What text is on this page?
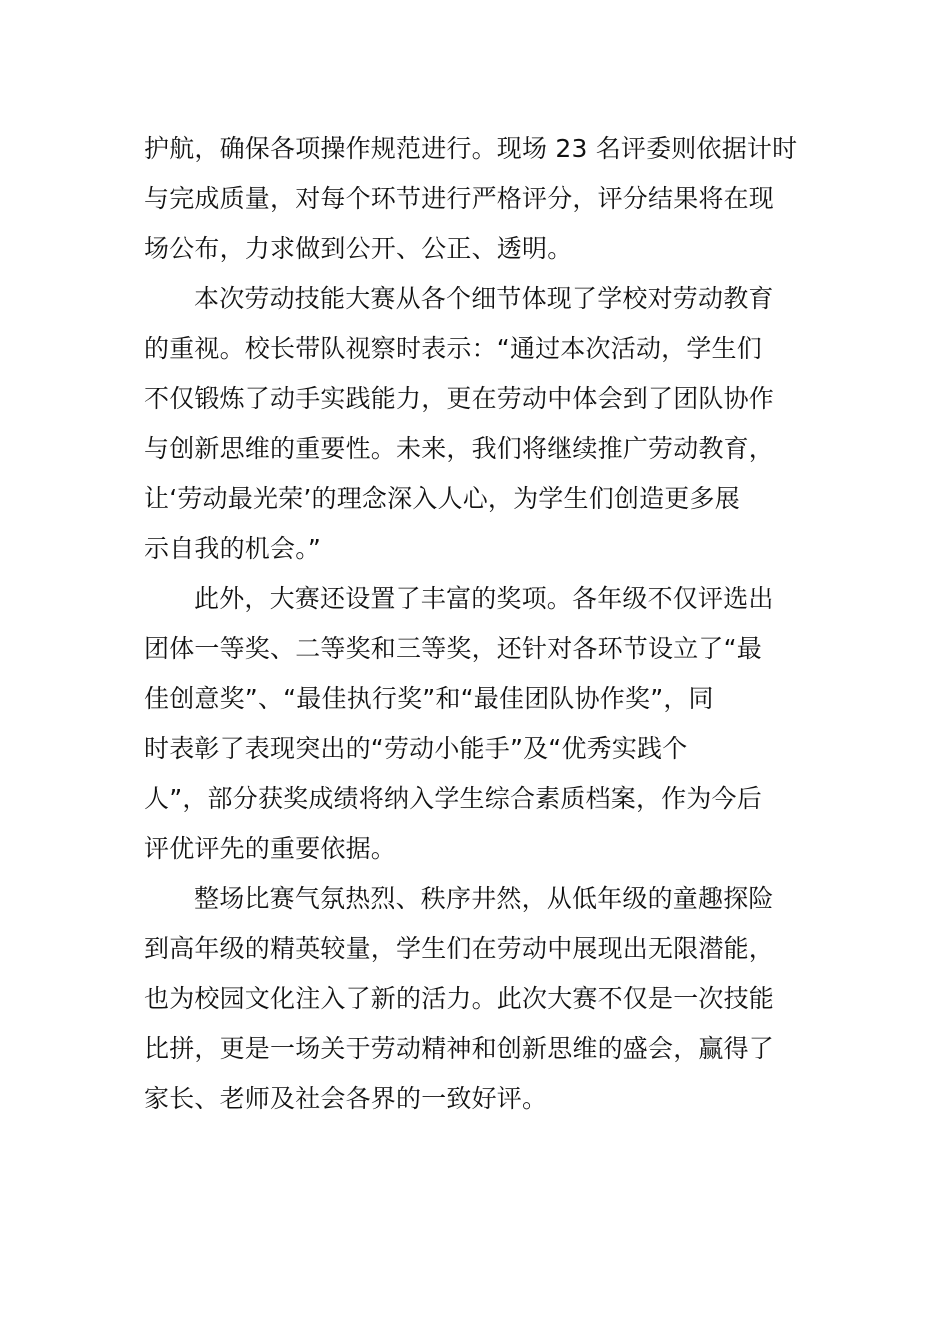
护航，确保各项操作规范进行。现场 23 名评委则依据计时
与完成质量，对每个环节进行严格评分，评分结果将在现
场公布，力求做到公开、公正、透明。
本次劳动技能大赛从各个细节体现了学校对劳动教育
的重视。校长带队视察时表示：“通过本次活动，学生们
不仅锻炼了动手实践能力，更在劳动中体会到了团队协作
与创新思维的重要性。未来，我们将继续推广劳动教育，
让‘劳动最光荣’的理念深入人心，为学生们创造更多展
示自我的机会。”
此外，大赛还设置了丰富的奖项。各年级不仅评选出
团体一等奖、二等奖和三等奖，还针对各环节设立了“最
佳创意奖”、“最佳执行奖”和“最佳团队协作奖”，同
时表彰了表现突出的“劳动小能手”及“优秀实践个
人”，部分获奖成绩将纳入学生综合素质档案，作为今后
评优评先的重要依据。
整场比赛气氛热烈、秩序井然，从低年级的童趣探险
到高年级的精英较量，学生们在劳动中展现出无限潜能，
也为校园文化注入了新的活力。此次大赛不仅是一次技能
比拼，更是一场关于劳动精神和创新思维的盛会，赢得了
家长、老师及社会各界的一致好评。
